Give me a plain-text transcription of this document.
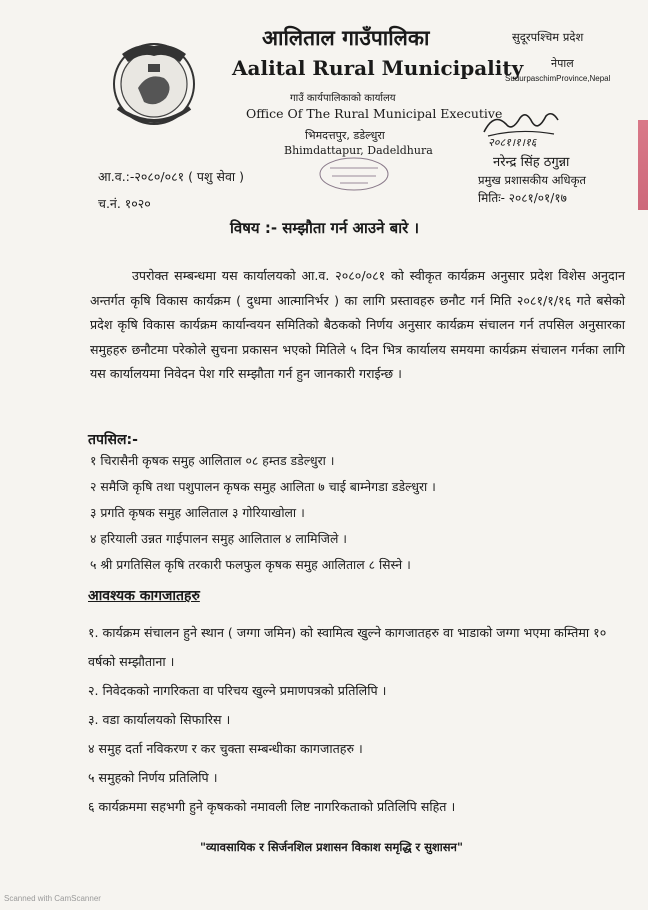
आलिताल गाउँपालिका
Aalital Rural Municipality
गाउँ कार्यपालिकाको कार्यालय
Office Of The Rural Municipal Executive
भिमदत्तपुर, डडेल्धुरा
Bhimdattapur, Dadeldhura
सुदूरपश्चिम प्रदेश
नेपाल
SudurpaschimProvince,Nepal
आ.व.:-२०८०/०८१ ( पशु सेवा )
च.नं. १०२०
२०८१।१।१६
नरेन्द्र सिंह ठगुन्ना
प्रमुख प्रशासकीय अधिकृत
मितिः- २०८१/०१/१७
विषय :- सम्झौता गर्न आउने बारे ।
उपरोक्त सम्बन्धमा यस कार्यालयको आ.व. २०८०/०८१ को स्वीकृत कार्यक्रम अनुसार प्रदेश विशेस अनुदान अन्तर्गत कृषि विकास कार्यक्रम ( दुधमा आत्मानिर्भर ) का लागि प्रस्तावहरु छनौट गर्न मिति २०८१/१/१६ गते बसेको प्रदेश कृषि विकास कार्यक्रम कार्यान्वयन समितिको बैठकको निर्णय अनुसार कार्यक्रम संचालन गर्न तपसिल अनुसारका समुहहरु छनौटमा परेकोले सुचना प्रकासन भएको मितिले ५ दिन भित्र कार्यालय समयमा कार्यक्रम संचालन गर्नका लागि यस कार्यालयमा निवेदन पेश गरि सम्झौता गर्न हुन जानकारी गराईन्छ ।
तपसिल:-
१ चिरासैनी कृषक समुह आलिताल ०८ हम्तड डडेल्धुरा ।
२ समैजि कृषि तथा पशुपालन कृषक समुह आलिता ७ चाई बाम्नेगडा डडेल्धुरा ।
३ प्रगति कृषक समुह आलिताल ३ गोरियाखोला ।
४ हरियाली उन्नत गाईपालन समुह आलिताल ४ लामिजिले ।
५ श्री प्रगतिसिल कृषि तरकारी फलफुल कृषक समुह आलिताल ८ सिस्ने ।
आवश्यक कागजातहरु
१. कार्यक्रम संचालन हुने स्थान ( जग्गा जमिन) को स्वामित्व खुल्ने कागजातहरु वा भाडाको जग्गा भएमा कम्तिमा १० वर्षको सम्झौताना ।
२. निवेदकको नागरिकता वा परिचय खुल्ने प्रमाणपत्रको प्रतिलिपि ।
३. वडा कार्यालयको सिफारिस ।
४ समुह दर्ता नविकरण र कर चुक्ता सम्बन्धीका कागजातहरु ।
५ समुहको निर्णय प्रतिलिपि ।
६ कार्यक्रममा सहभगी हुने कृषकको नमावली लिष्ट नागरिकताको प्रतिलिपि सहित ।
"व्यावसायिक र सिर्जनशिल प्रशासन विकाश समृद्धि र सुशासन"
Scanned with CamScanner
